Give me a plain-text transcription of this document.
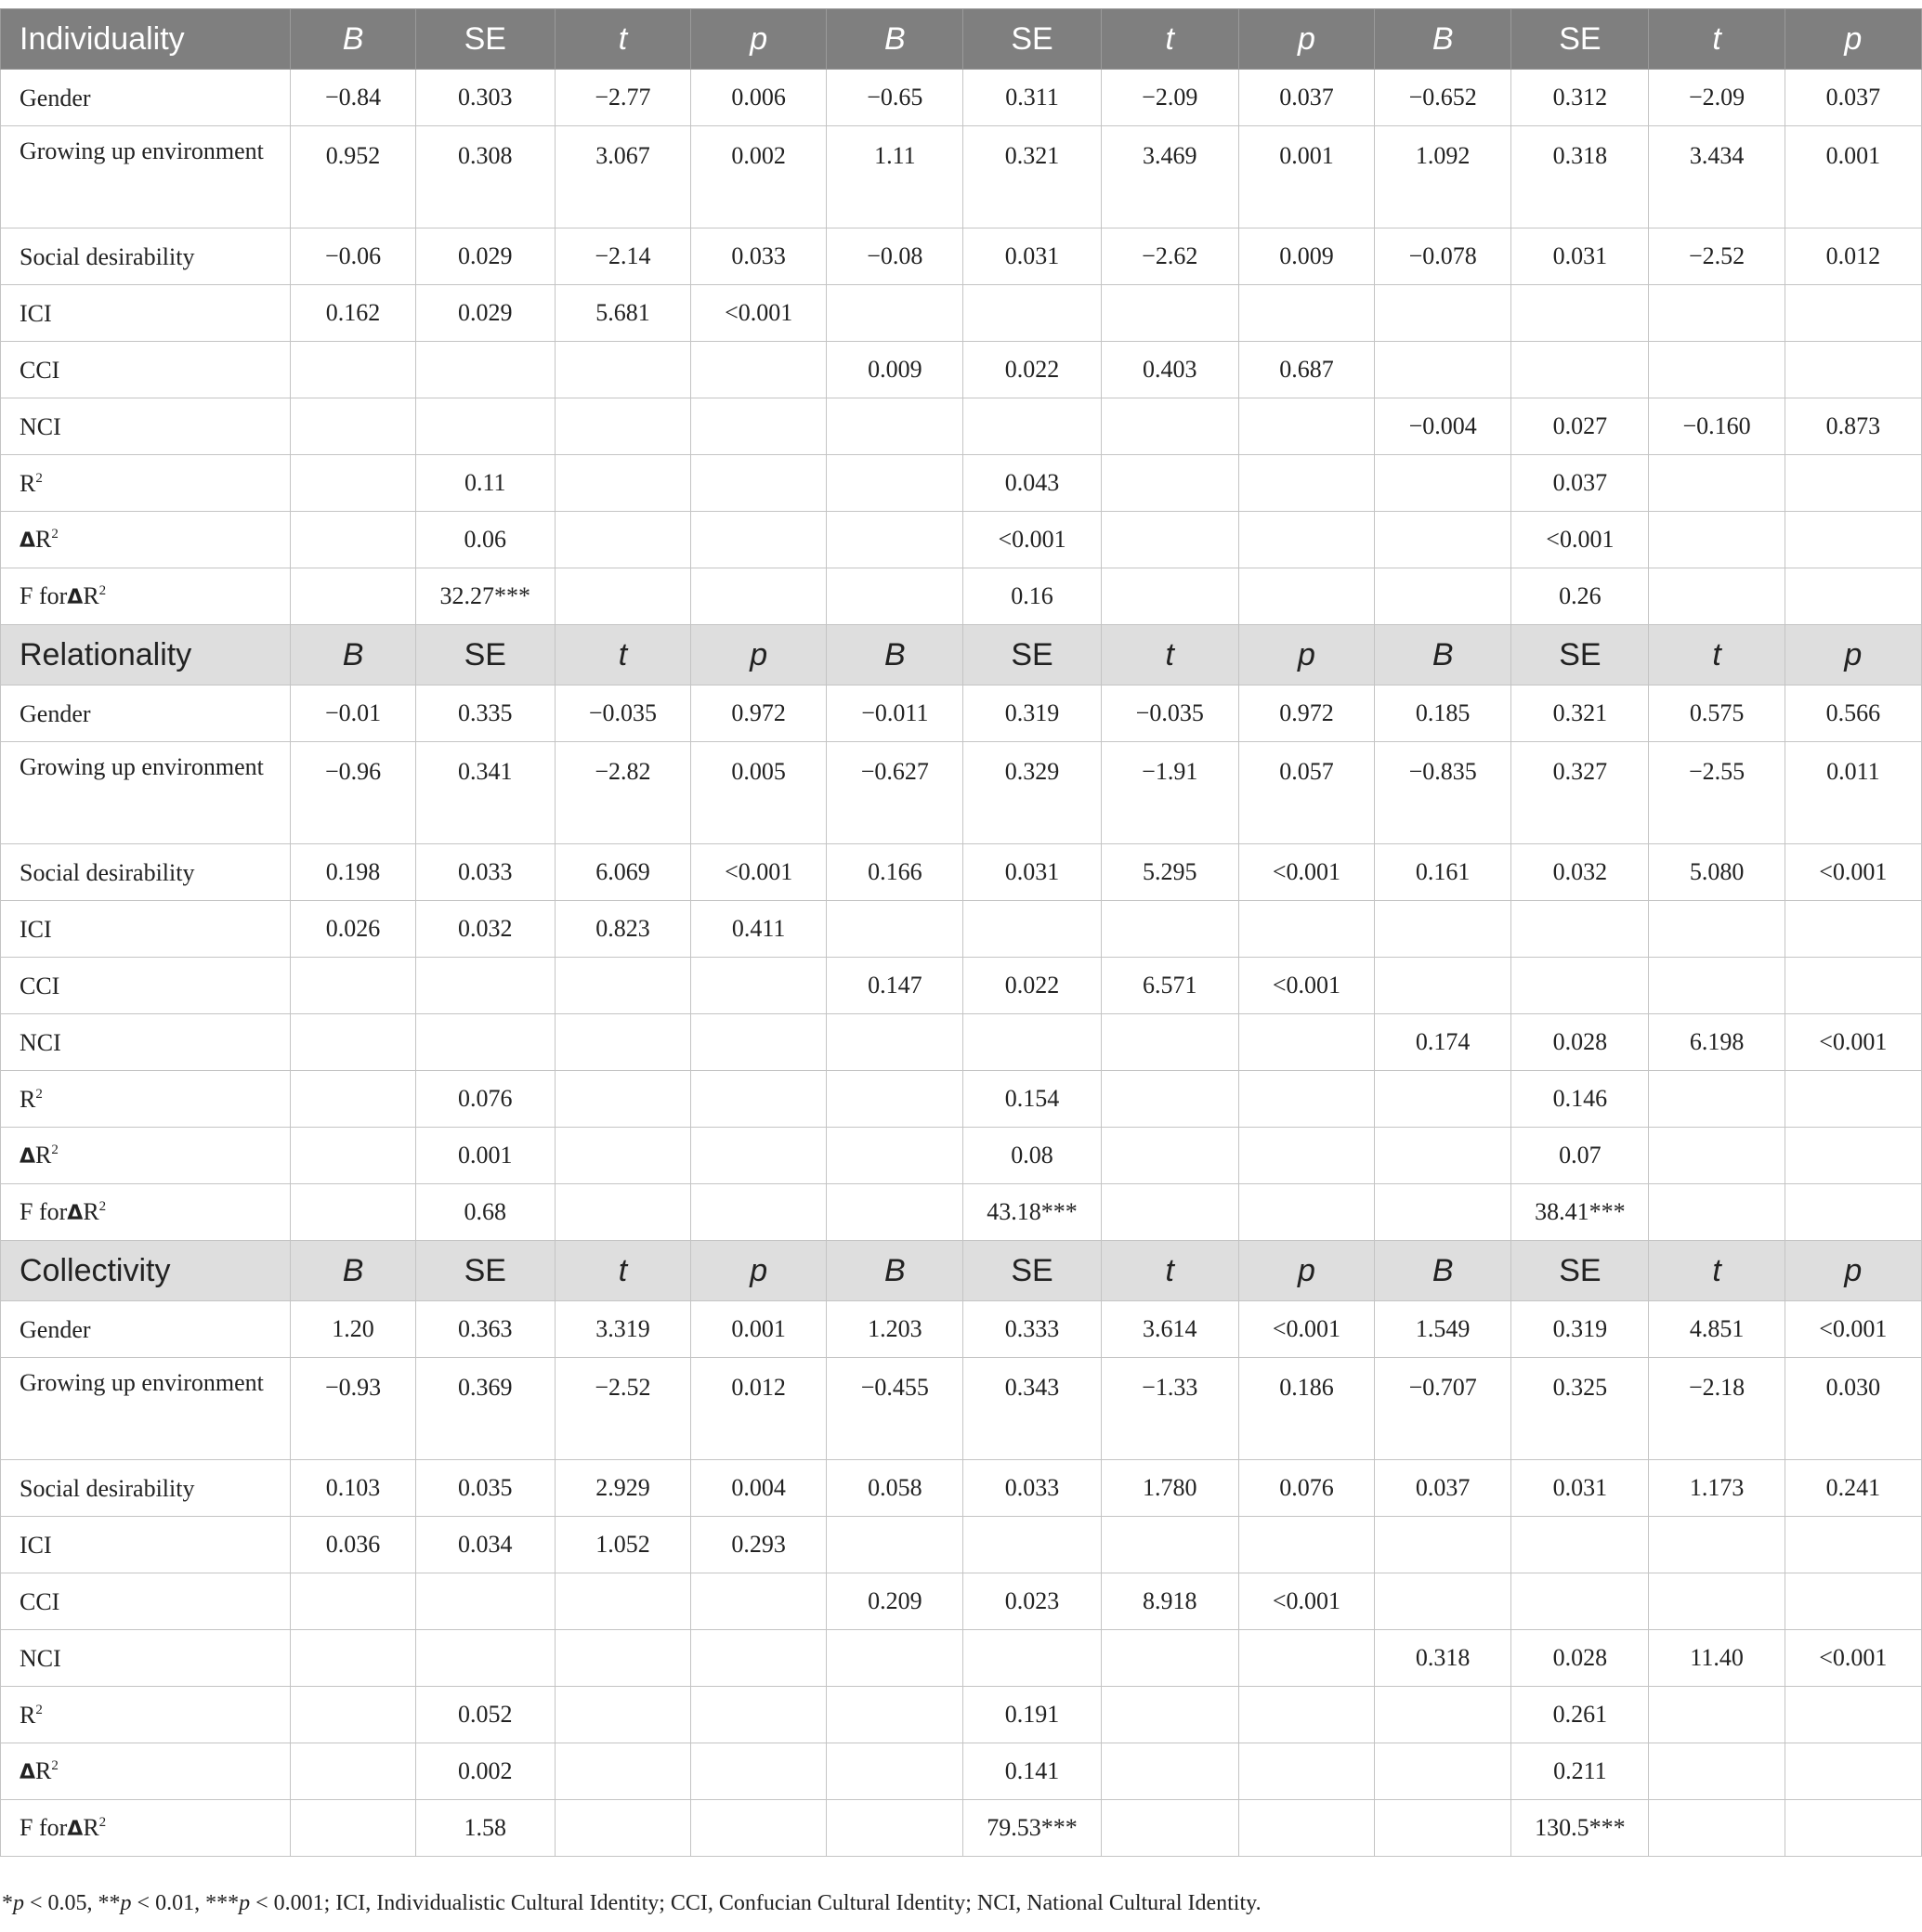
Individuality	B	SE	t	p	B	SE	t	p	B	SE	t	p
Gender	−0.84	0.303	−2.77	0.006	−0.65	0.311	−2.09	0.037	−0.652	0.312	−2.09	0.037
Growing up environment	0.952	0.308	3.067	0.002	1.11	0.321	3.469	0.001	1.092	0.318	3.434	0.001
Social desirability	−0.06	0.029	−2.14	0.033	−0.08	0.031	−2.62	0.009	−0.078	0.031	−2.52	0.012
ICI	0.162	0.029	5.681	<0.001								
CCI					0.009	0.022	0.403	0.687				
NCI									−0.004	0.027	−0.160	0.873
$R^2$		0.11				0.043				0.037		
$\Delta R^2$		0.06				<0.001				<0.001		
F forΔR$^2$		32.27***				0.16				0.26		
Relationality	B	SE	t	p	B	SE	t	p	B	SE	t	p
Gender	−0.01	0.335	−0.035	0.972	−0.011	0.319	−0.035	0.972	0.185	0.321	0.575	0.566
Growing up environment	−0.96	0.341	−2.82	0.005	−0.627	0.329	−1.91	0.057	−0.835	0.327	−2.55	0.011
Social desirability	0.198	0.033	6.069	<0.001	0.166	0.031	5.295	<0.001	0.161	0.032	5.080	<0.001
ICI	0.026	0.032	0.823	0.411								
CCI					0.147	0.022	6.571	<0.001				
NCI									0.174	0.028	6.198	<0.001
$R^2$		0.076				0.154				0.146		
$\Delta R^2$		0.001				0.08				0.07		
F forΔR$^2$		0.68				43.18***				38.41***		
Collectivity	B	SE	t	p	B	SE	t	p	B	SE	t	p
Gender	1.20	0.363	3.319	0.001	1.203	0.333	3.614	<0.001	1.549	0.319	4.851	<0.001
Growing up environment	−0.93	0.369	−2.52	0.012	−0.455	0.343	−1.33	0.186	−0.707	0.325	−2.18	0.030
Social desirability	0.103	0.035	2.929	0.004	0.058	0.033	1.780	0.076	0.037	0.031	1.173	0.241
ICI	0.036	0.034	1.052	0.293								
CCI					0.209	0.023	8.918	<0.001				
NCI									0.318	0.028	11.40	<0.001
$R^2$		0.052				0.191				0.261		
$\Delta R^2$		0.002				0.141				0.211		
F forΔR$^2$		1.58				79.53***				130.5***		
*p < 0.05, **p < 0.01, ***p < 0.001; ICI, Individualistic Cultural Identity; CCI, Confucian Cultural Identity; NCI, National Cultural Identity.
